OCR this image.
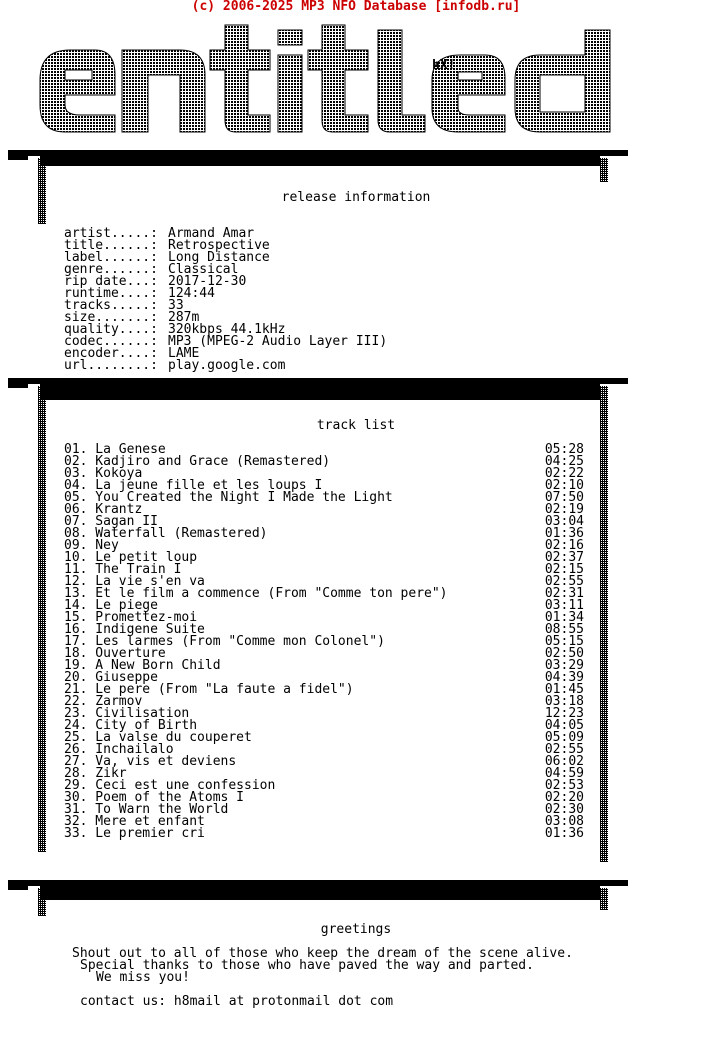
(c) 2006-2025 MP3 NFO Database [infodb.ru]
hX!
release information
artist.....: Armand Amar
title......: Retrospective
label......: Long Distance
genre......: Classical
rip date...: 2017-12-30
runtime....: 124:44
tracks.....: 33
size.......: 287m
quality....: 320kbps 44.1kHz
codec......: MP3 (MPEG-2 Audio Layer III)
encoder....: LAME
url........: play.google.com
track list
01. La Genese	05:28
02. Kadjiro and Grace (Remastered)	04:25
03. Kokoya	02:22
04. La jeune fille et les loups I	02:10
05. You Created the Night I Made the Light	07:50
06. Krantz	02:19
07. Sagan II	03:04
08. Waterfall (Remastered)	01:36
09. Ney	02:16
10. Le petit loup	02:37
11. The Train I	02:15
12. La vie s'en va	02:55
13. Et le film a commence (From "Comme ton pere")	02:31
14. Le piege	03:11
15. Promettez-moi	01:34
16. Indigene Suite	08:55
17. Les larmes (From "Comme mon Colonel")	05:15
18. Ouverture	02:50
19. A New Born Child	03:29
20. Giuseppe	04:39
21. Le pere (From "La faute a fidel")	01:45
22. Zarmov	03:18
23. Civilisation	12:23
24. City of Birth	04:05
25. La valse du couperet	05:09
26. Inchailalo	02:55
27. Va, vis et deviens	06:02
28. Zikr	04:59
29. Ceci est une confession	02:53
30. Poem of the Atoms I	02:20
31. To Warn the World	02:30
32. Mere et enfant	03:08
33. Le premier cri	01:36
greetings
Shout out to all of those who keep the dream of the scene alive.
Special thanks to those who have paved the way and parted.
We miss you!
contact us: h8mail at protonmail dot com
